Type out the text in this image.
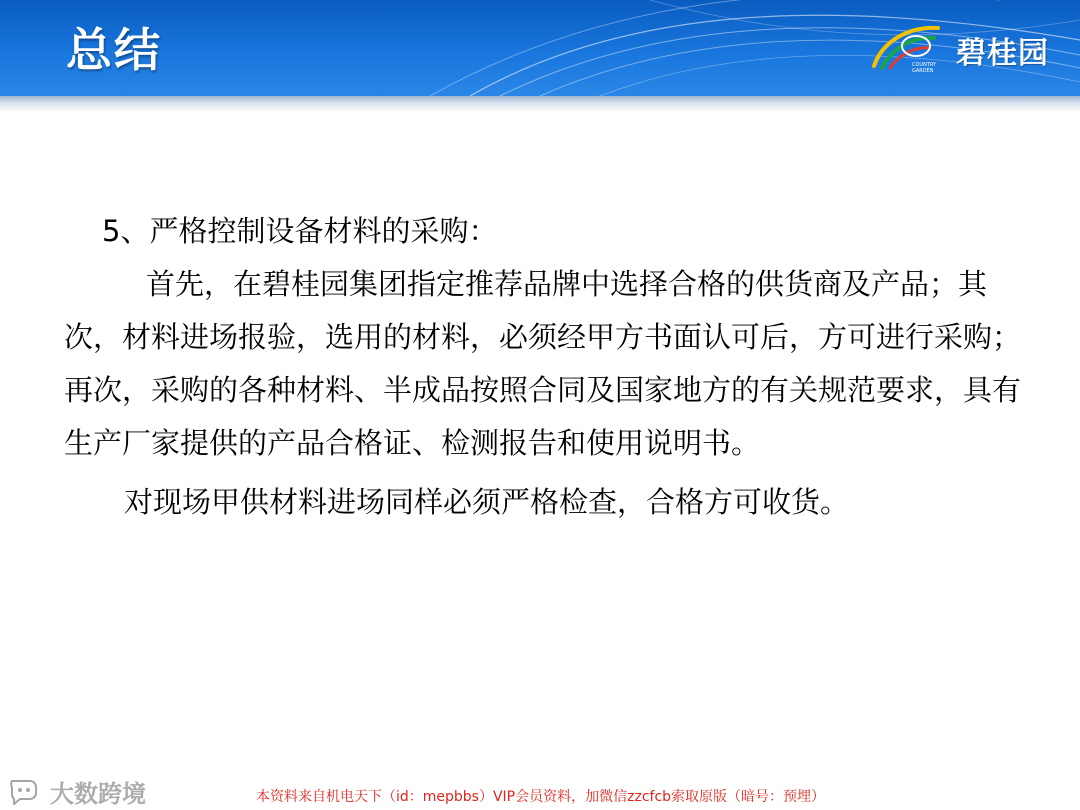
总结	COUNTRY
GARDEN 碧桂园
5、严格控制设备材料的采购：
首先，在碧桂园集团指定推荐品牌中选择合格的供货商及产品；其次，材料进场报验，选用的材料，必须经甲方书面认可后，方可进行采购；再次，采购的各种材料、半成品按照合同及国家地方的有关规范要求，具有生产厂家提供的产品合格证、检测报告和使用说明书。
对现场甲供材料进场同样必须严格检查，合格方可收货。
大数跨境	本资料来自机电天下（id：mepbbs）VIP会员资料，加微信zzcfcb索取原版（暗号：预埋）
